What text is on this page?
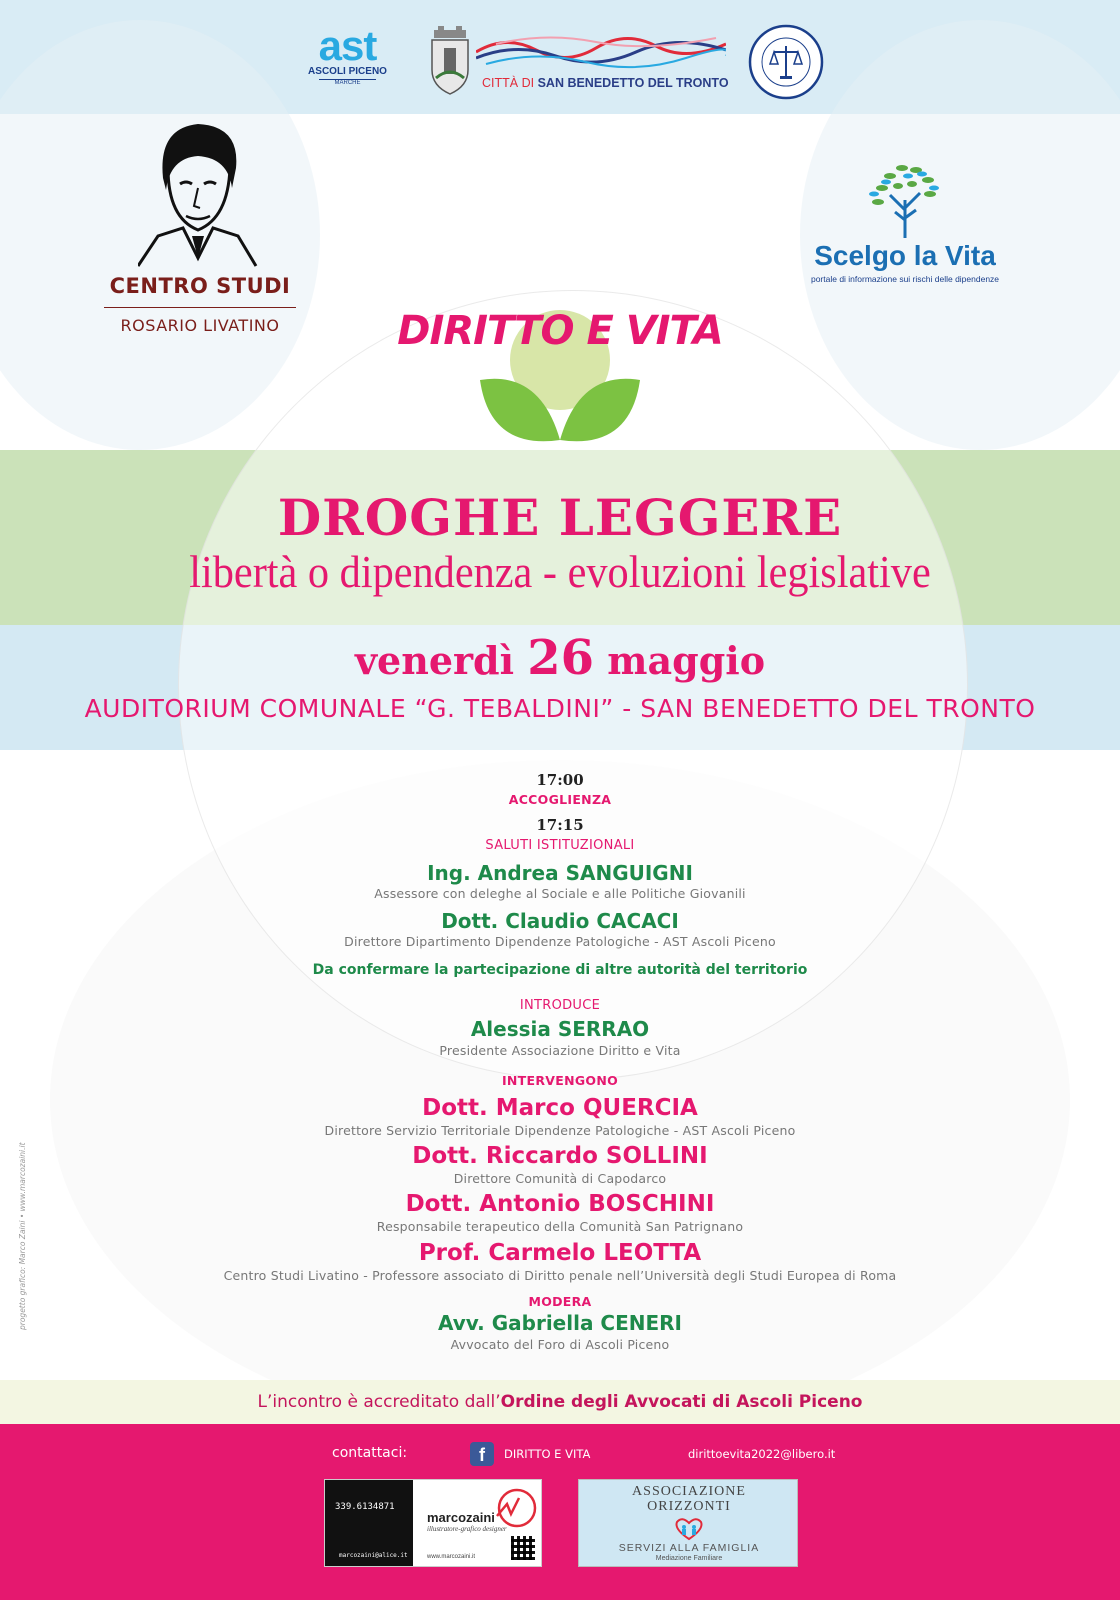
ast
ASCOLI PICENO
MARCHE	CITTÀ DI SAN BENEDETTO DEL TRONTO
CENTRO STUDI
ROSARIO LIVATINO
Scelgo la Vita
portale di informazione sui rischi delle dipendenze
DIRITTO E VITA
DROGHE LEGGERE
libertà o dipendenza - evoluzioni legislative
venerdì 26 maggio
AUDITORIUM COMUNALE “G. TEBALDINI” - SAN BENEDETTO DEL TRONTO
17:00
ACCOGLIENZA
17:15
SALUTI ISTITUZIONALI
Ing. Andrea SANGUIGNI
Assessore con deleghe al Sociale e alle Politiche Giovanili
Dott. Claudio CACACI
Direttore Dipartimento Dipendenze Patologiche - AST Ascoli Piceno
Da confermare la partecipazione di altre autorità del territorio
INTRODUCE
Alessia SERRAO
Presidente Associazione Diritto e Vita
INTERVENGONO
Dott. Marco QUERCIA
Direttore Servizio Territoriale Dipendenze Patologiche - AST Ascoli Piceno
Dott. Riccardo SOLLINI
Direttore Comunità di Capodarco
Dott. Antonio BOSCHINI
Responsabile terapeutico della Comunità San Patrignano
Prof. Carmelo LEOTTA
Centro Studi Livatino - Professore associato di Diritto penale nell’Università degli Studi Europea di Roma
MODERA
Avv. Gabriella CENERI
Avvocato del Foro di Ascoli Piceno
progetto grafico: Marco Zaini • www.marcozaini.it
L’incontro è accreditato dall’Ordine degli Avvocati di Ascoli Piceno
contattaci:	f	DIRITTO E VITA	dirittoevita2022@libero.it
339.6134871
marcozaini@alice.it
marcozaini
illustratore-grafico designer
www.marcozaini.it
ASSOCIAZIONE
ORIZZONTI
SERVIZI ALLA FAMIGLIA
Mediazione Familiare
